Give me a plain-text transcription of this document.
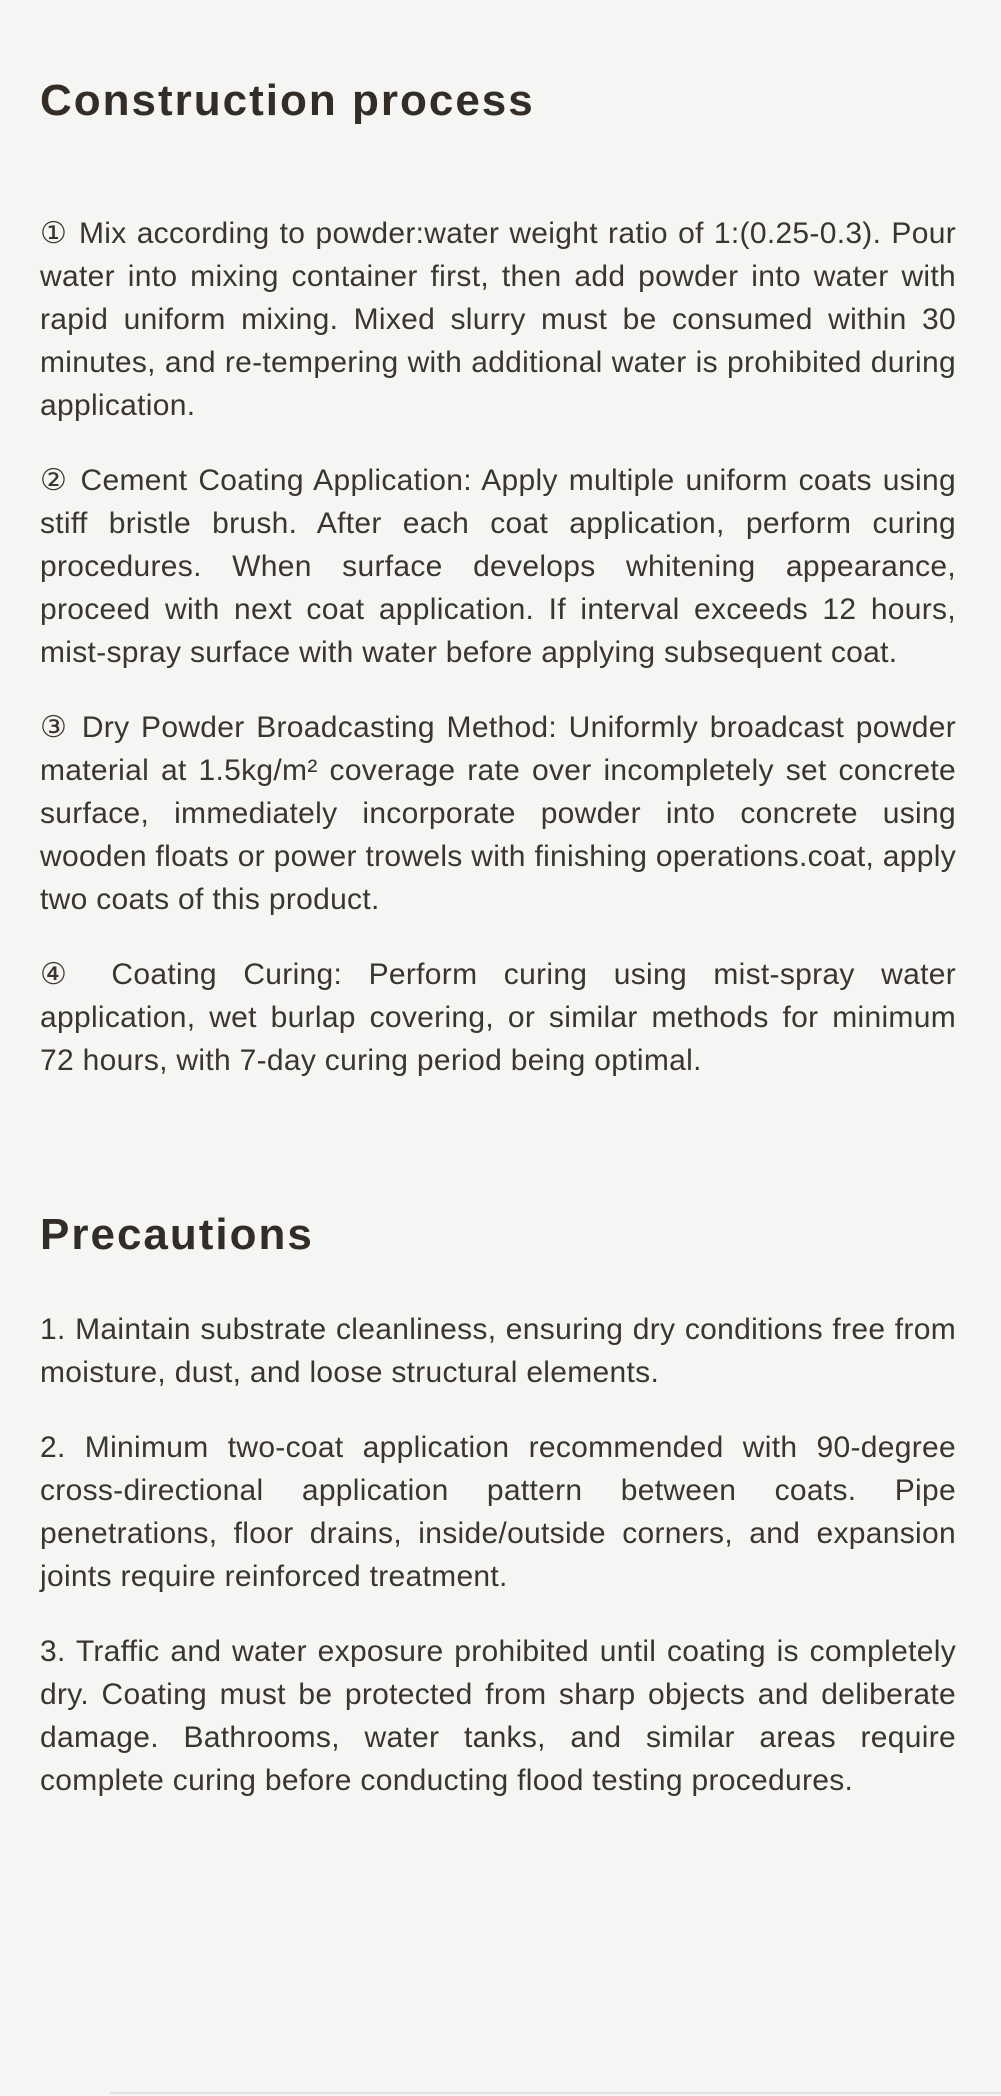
Construction process

① Mix according to powder:water weight ratio of 1:(0.25-0.3). Pour water into mixing container first, then add powder into water with rapid uniform mixing. Mixed slurry must be consumed within 30 minutes, and re-tempering with additional water is prohibited during application.

② Cement Coating Application: Apply multiple uniform coats using stiff bristle brush. After each coat application, perform curing procedures. When surface develops whitening appearance, proceed with next coat application. If interval exceeds 12 hours, mist-spray surface with water before applying subsequent coat.

③ Dry Powder Broadcasting Method: Uniformly broadcast powder material at 1.5kg/m² coverage rate over incompletely set concrete surface, immediately incorporate powder into concrete using wooden floats or power trowels with finishing operations.coat, apply two coats of this product.

④ Coating Curing: Perform curing using mist-spray water application, wet burlap covering, or similar methods for minimum 72 hours, with 7-day curing period being optimal.

Precautions

1. Maintain substrate cleanliness, ensuring dry conditions free from moisture, dust, and loose structural elements.

2. Minimum two-coat application recommended with 90-degree cross-directional application pattern between coats. Pipe penetrations, floor drains, inside/outside corners, and expansion joints require reinforced treatment.

3. Traffic and water exposure prohibited until coating is completely dry. Coating must be protected from sharp objects and deliberate damage. Bathrooms, water tanks, and similar areas require complete curing before conducting flood testing procedures.
